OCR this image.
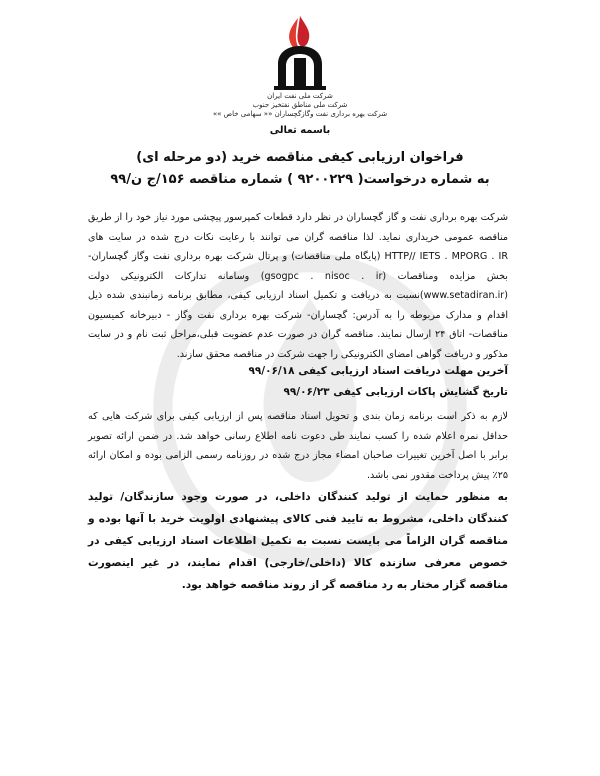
شرکت ملی نفت ایران
شرکت ملی مناطق نفتخیز جنوب
شرکت بهره برداری نفت وگازگچساران «« سهامی خاص »»
باسمه تعالی
فراخوان ارزیابی کیفی مناقصه خرید (دو مرحله ای)
به شماره درخواست( ۹۲۰۰۲۲۹ ) شماره مناقصه ۱۵۶/ج ن/۹۹
شرکت بهره برداری نفت و گاز گچساران در نظر دارد قطعات کمپرسور پیچشی مورد نیاز خود را از طریق مناقصه عمومی خریداری نماید. لذا مناقصه گران می توانند با رعایت نکات درج شده در سایت های HTTP// IETS . MPORG . IR (پایگاه ملی مناقصات) و پرتال شرکت بهره برداری نفت وگاز گچساران- بخش مزایده ومناقصات (gsogpc . nisoc . ir) وسامانه تدارکات الکترونیکی دولت (www.setadiran.ir)نسبت به دریافت و تکمیل اسناد ارزیابی کیفی، مطابق برنامه زمانبندی شده ذیل اقدام و مدارک مربوطه را به آدرس: گچساران- شرکت بهره برداری نفت وگاز - دبیرخانه کمیسیون مناقصات- اتاق ۲۴ ارسال نمایند. مناقصه گران در صورت عدم عضویت قبلی،مراحل ثبت نام و در سایت مذکور و دریافت گواهی امضای الکترونیکی را جهت شرکت در مناقصه محقق سازند.
آخرین مهلت دریافت اسناد ارزیابی کیفی ۹۹/۰۶/۱۸
تاریخ گشایش پاکات ارزیابی کیفی ۹۹/۰۶/۲۳
لازم به ذکر است برنامه زمان بندی و تحویل اسناد مناقصه پس از ارزیابی کیفی برای شرکت هایی که حداقل نمره اعلام شده را کسب نمایند طی دعوت نامه اطلاع رسانی خواهد شد. در ضمن ارائه تصویر برابر با اصل آخرین تغییرات صاحبان امضاء مجاز درج شده در روزنامه رسمی الزامی بوده و امکان ارائه ۲۵٪ پیش پرداخت مقدور نمی باشد.
به منظور حمایت از تولید کنندگان داخلی، در صورت وجود سازندگان/ تولید کنندگان داخلی، مشروط به تایید فنی کالای پیشنهادی اولویت خرید با آنها بوده و مناقصه گران الزاماً می بایست نسبت به تکمیل اطلاعات اسناد ارزیابی کیفی در خصوص معرفی سازنده کالا (داخلی/خارجی) اقدام نمایند، در غیر اینصورت مناقصه گزار مختار به رد مناقصه گر از روند مناقصه خواهد بود.
